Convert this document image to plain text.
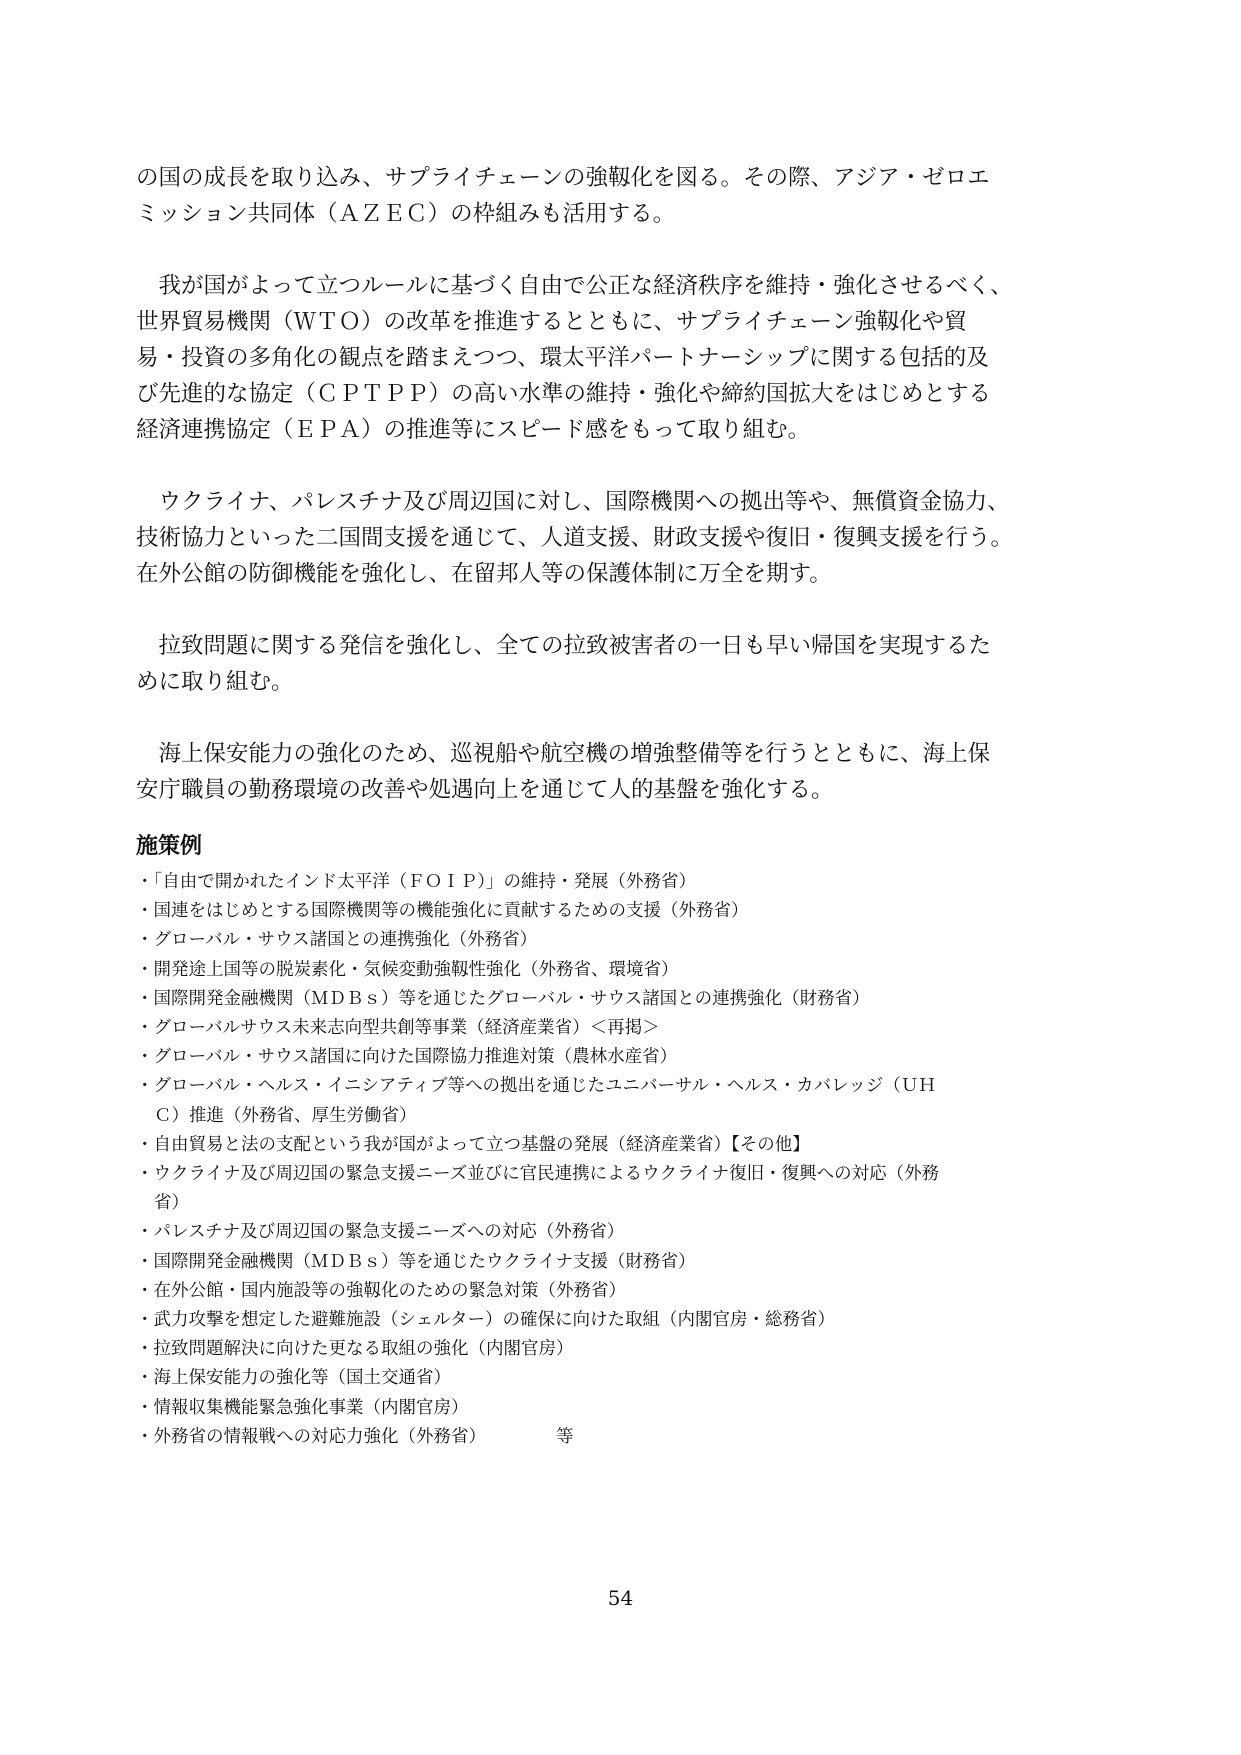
の国の成長を取り込み、サプライチェーンの強靱化を図る。その際、アジア・ゼロエ
ミッション共同体（ＡＺＥＣ）の枠組みも活用する。

　我が国がよって立つルールに基づく自由で公正な経済秩序を維持・強化させるべく、
世界貿易機関（ＷＴＯ）の改革を推進するとともに、サプライチェーン強靱化や貿
易・投資の多角化の観点を踏まえつつ、環太平洋パートナーシップに関する包括的及
び先進的な協定（ＣＰＴＰＰ）の高い水準の維持・強化や締約国拡大をはじめとする
経済連携協定（ＥＰＡ）の推進等にスピード感をもって取り組む。

　ウクライナ、パレスチナ及び周辺国に対し、国際機関への拠出等や、無償資金協力、
技術協力といった二国間支援を通じて、人道支援、財政支援や復旧・復興支援を行う。
在外公館の防御機能を強化し、在留邦人等の保護体制に万全を期す。

　拉致問題に関する発信を強化し、全ての拉致被害者の一日も早い帰国を実現するた
めに取り組む。

　海上保安能力の強化のため、巡視船や航空機の増強整備等を行うとともに、海上保
安庁職員の勤務環境の改善や処遇向上を通じて人的基盤を強化する。

施策例
・「自由で開かれたインド太平洋（ＦＯＩＰ）」の維持・発展（外務省）
・国連をはじめとする国際機関等の機能強化に貢献するための支援（外務省）
・グローバル・サウス諸国との連携強化（外務省）
・開発途上国等の脱炭素化・気候変動強靱性強化（外務省、環境省）
・国際開発金融機関（ＭＤＢｓ）等を通じたグローバル・サウス諸国との連携強化（財務省）
・グローバルサウス未来志向型共創等事業（経済産業省）＜再掲＞
・グローバル・サウス諸国に向けた国際協力推進対策（農林水産省）
・グローバル・ヘルス・イニシアティブ等への拠出を通じたユニバーサル・ヘルス・カバレッジ（ＵＨ
Ｃ）推進（外務省、厚生労働省）
・自由貿易と法の支配という我が国がよって立つ基盤の発展（経済産業省）【その他】
・ウクライナ及び周辺国の緊急支援ニーズ並びに官民連携によるウクライナ復旧・復興への対応（外務
省）
・パレスチナ及び周辺国の緊急支援ニーズへの対応（外務省）
・国際開発金融機関（ＭＤＢｓ）等を通じたウクライナ支援（財務省）
・在外公館・国内施設等の強靱化のための緊急対策（外務省）
・武力攻撃を想定した避難施設（シェルター）の確保に向けた取組（内閣官房・総務省）
・拉致問題解決に向けた更なる取組の強化（内閣官房）
・海上保安能力の強化等（国土交通省）
・情報収集機能緊急強化事業（内閣官房）
・外務省の情報戦への対応力強化（外務省）	等
54
